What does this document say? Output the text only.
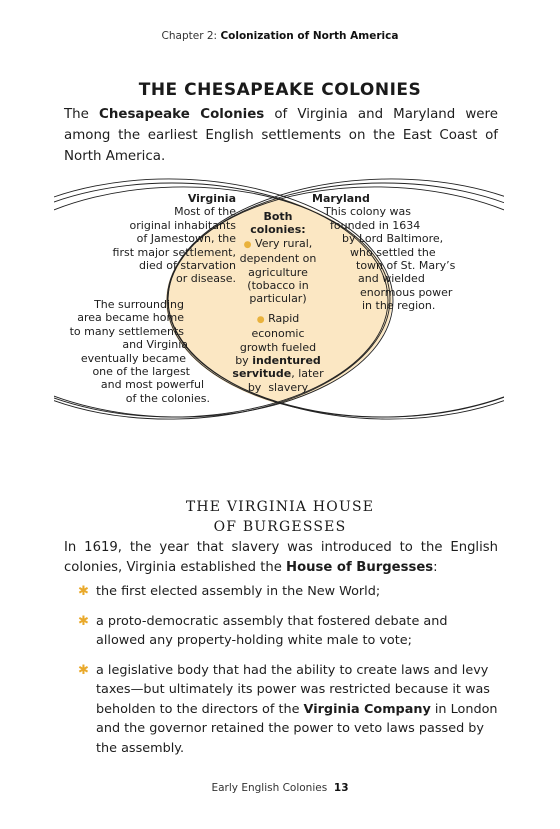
Chapter 2: Colonization of North America
THE CHESAPEAKE COLONIES
The Chesapeake Colonies of Virginia and Maryland were among the earliest English settlements on the East Coast of North America.
Virginia
Most of the
original inhabitants
of Jamestown, the
first major settlement,
died of starvation
or disease.
The surrounding
area became home
to many settlements
and Virginia
eventually became
one of the largest
and most powerful
of the colonies.
Both
colonies:
● Very rural,
dependent on
agriculture
(tobacco in
particular)
● Rapid economic
growth fueled
by indentured
servitude, later
by  slavery
Maryland
This colony was
founded in 1634
by Lord Baltimore,
who settled the
town of St. Mary’s
and wielded
enormous power
in the region.
THE VIRGINIA HOUSE
OF BURGESSES
In 1619, the year that slavery was introduced to the English colonies, Virginia established the House of Burgesses:
✱ the first elected assembly in the New World;
✱ a proto-democratic assembly that fostered debate and allowed any property-holding white male to vote;
✱ a legislative body that had the ability to create laws and levy taxes—but ultimately its power was restricted because it was beholden to the directors of the Virginia Company in London and the governor retained the power to veto laws passed by the assembly.
Early English Colonies 13
